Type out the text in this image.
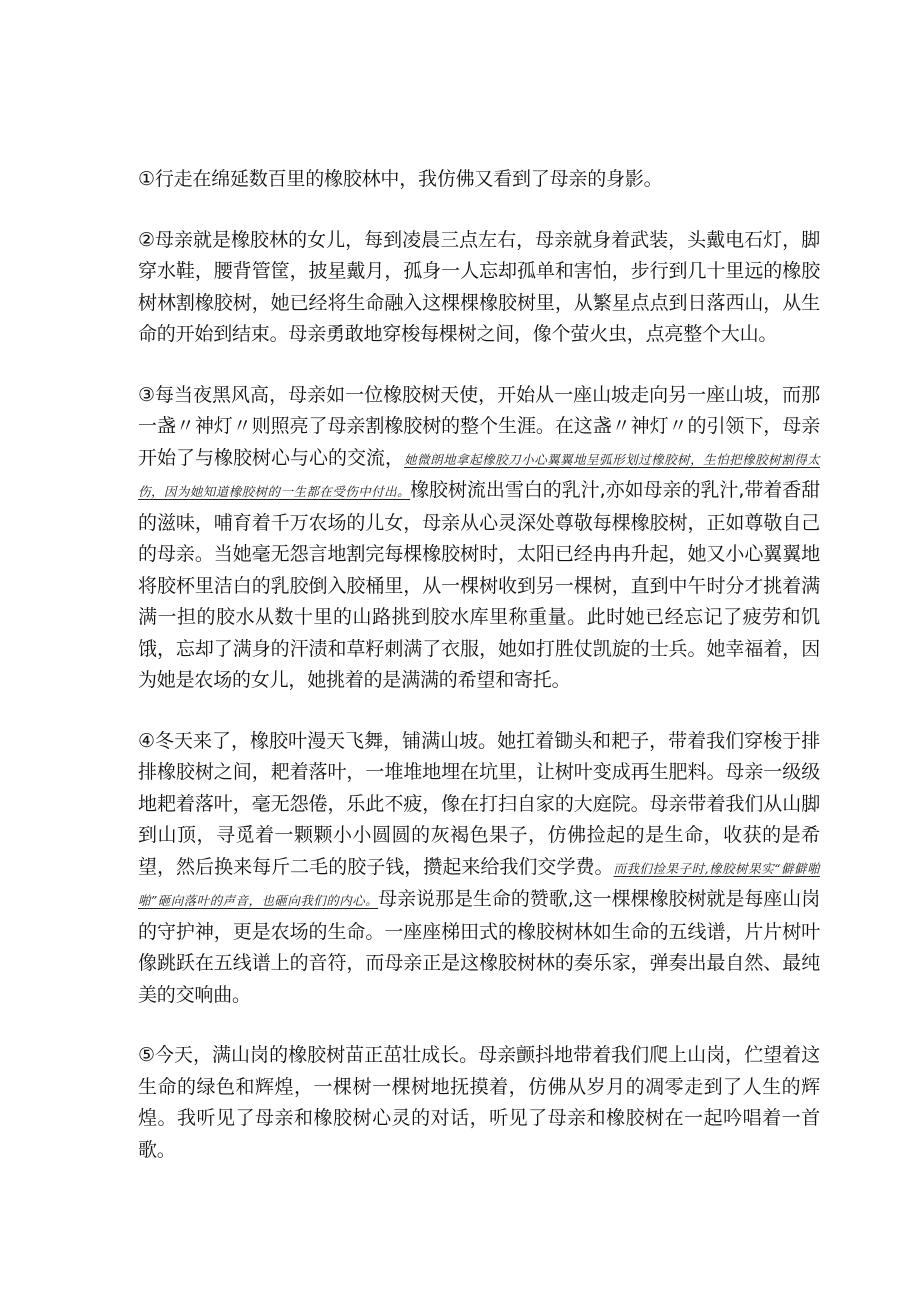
①行走在绵延数百里的橡胶林中，我仿佛又看到了母亲的身影。

②母亲就是橡胶林的女儿，每到凌晨三点左右，母亲就身着武装，头戴电石灯，脚穿水鞋，腰背管筐，披星戴月，孤身一人忘却孤单和害怕，步行到几十里远的橡胶树林割橡胶树，她已经将生命融入这棵棵橡胶树里，从繁星点点到日落西山，从生命的开始到结束。母亲勇敢地穿梭每棵树之间，像个萤火虫，点亮整个大山。

③每当夜黑风高，母亲如一位橡胶树天使，开始从一座山坡走向另一座山坡，而那一盏〃神灯〃则照亮了母亲割橡胶树的整个生涯。在这盏〃神灯〃的引领下，母亲开始了与橡胶树心与心的交流，她微朗地拿起橡胶刀小心翼翼地呈弧形划过橡胶树，生怕把橡胶树割得太伤，因为她知道橡胶树的一生都在受伤中付出。橡胶树流出雪白的乳汁,亦如母亲的乳汁,带着香甜的滋味，哺育着千万农场的儿女，母亲从心灵深处尊敬每棵橡胶树，正如尊敬自己的母亲。当她毫无怨言地割完每棵橡胶树时，太阳已经冉冉升起，她又小心翼翼地将胶杯里洁白的乳胶倒入胶桶里，从一棵树收到另一棵树，直到中午时分才挑着满满一担的胶水从数十里的山路挑到胶水库里称重量。此时她已经忘记了疲劳和饥饿，忘却了满身的汗渍和草籽刺满了衣服，她如打胜仗凯旋的士兵。她幸福着，因为她是农场的女儿，她挑着的是满满的希望和寄托。

④冬天来了，橡胶叶漫天飞舞，铺满山坡。她扛着锄头和耙子，带着我们穿梭于排排橡胶树之间，耙着落叶，一堆堆地埋在坑里，让树叶变成再生肥料。母亲一级级地耙着落叶，毫无怨倦，乐此不疲，像在打扫自家的大庭院。母亲带着我们从山脚到山顶，寻觅着一颗颗小小圆圆的灰褐色果子，仿佛捡起的是生命，收获的是希望，然后换来每斤二毛的胶子钱，攒起来给我们交学费。而我们捡果子时,橡胶树果实“僻僻啪啪”砸向落叶的声音，也砸向我们的内心。母亲说那是生命的赞歌,这一棵棵橡胶树就是每座山岗的守护神，更是农场的生命。一座座梯田式的橡胶树林如生命的五线谱，片片树叶像跳跃在五线谱上的音符，而母亲正是这橡胶树林的奏乐家，弹奏出最自然、最纯美的交响曲。

⑤今天，满山岗的橡胶树苗正茁壮成长。母亲颤抖地带着我们爬上山岗，伫望着这生命的绿色和辉煌，一棵树一棵树地抚摸着，仿佛从岁月的凋零走到了人生的辉煌。我听见了母亲和橡胶树心灵的对话，听见了母亲和橡胶树在一起吟唱着一首歌。
